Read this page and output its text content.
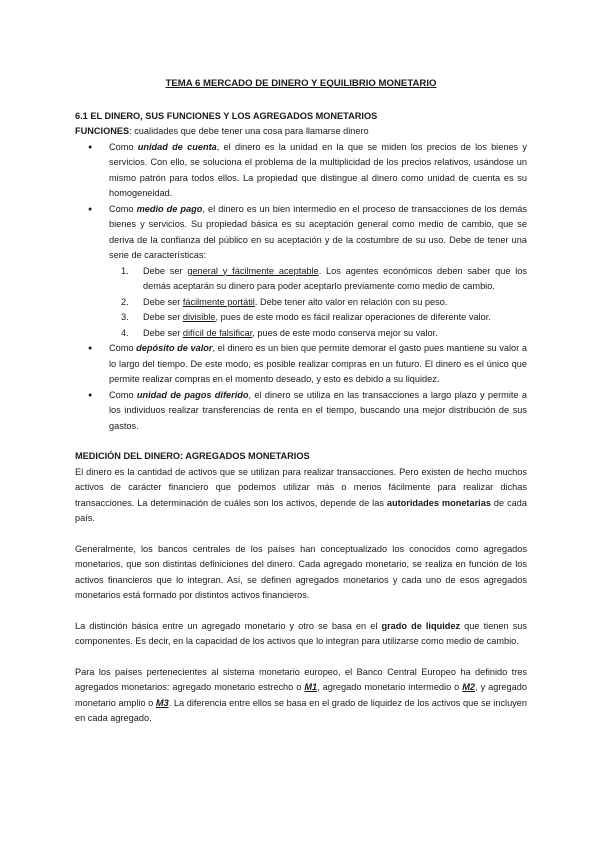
TEMA 6 MERCADO DE DINERO Y EQUILIBRIO MONETARIO
6.1 EL DINERO, SUS FUNCIONES Y LOS AGREGADOS MONETARIOS

FUNCIONES: cualidades que debe tener una cosa para llamarse dinero

● Como unidad de cuenta, el dinero es la unidad en la que se miden los precios de los bienes y servicios. Con ello, se soluciona el problema de la multiplicidad de los precios relativos, usándose un mismo patrón para todos ellos. La propiedad que distingue al dinero como unidad de cuenta es su homogeneidad.
● Como medio de pago, el dinero es un bien intermedio en el proceso de transacciones de los demás bienes y servicios. Su propiedad básica es su aceptación general como medio de cambio, que se deriva de la confianza del público en su aceptación y de la costumbre de su uso. Debe de tener una serie de características:
1. Debe ser general y fácilmente aceptable. Los agentes económicos deben saber que los demás aceptarán su dinero para poder aceptarlo previamente como medio de cambio.
2. Debe ser fácilmente portátil. Debe tener alto valor en relación con su peso.
3. Debe ser divisible, pues de este modo es fácil realizar operaciones de diferente valor.
4. Debe ser difícil de falsificar, pues de este modo conserva mejor su valor.
● Como depósito de valor, el dinero es un bien que permite demorar el gasto pues mantiene su valor a lo largo del tiempo. De este modo, es posible realizar compras en un futuro. El dinero es el único que permite realizar compras en el momento deseado, y esto es debido a su liquidez.
● Como unidad de pagos diferido, el dinero se utiliza en las transacciones a largo plazo y permite a los individuos realizar transferencias de renta en el tiempo, buscando una mejor distribución de sus gastos.
MEDICIÓN DEL DINERO: AGREGADOS MONETARIOS

El dinero es la cantidad de activos que se utilizan para realizar transacciones. Pero existen de hecho muchos activos de carácter financiero que podemos utilizar más o menos fácilmente para realizar dichas transacciones. La determinación de cuáles son los activos, depende de las autoridades monetarias de cada país.

Generalmente, los bancos centrales de los países han conceptualizado los conocidos como agregados monetarios, que son distintas definiciones del dinero. Cada agregado monetario, se realiza en función de los activos financieros que lo integran. Así, se definen agregados monetarios y cada uno de esos agregados monetarios está formado por distintos activos financieros.

La distinción básica entre un agregado monetario y otro se basa en el grado de liquidez que tienen sus componentes. Es decir, en la capacidad de los activos que lo integran para utilizarse como medio de cambio.

Para los países pertenecientes al sistema monetario europeo, el Banco Central Europeo ha definido tres agregados monetarios: agregado monetario estrecho o M1, agregado monetario intermedio o M2, y agregado monetario amplio o M3. La diferencia entre ellos se basa en el grado de liquidez de los activos que se incluyen en cada agregado.
